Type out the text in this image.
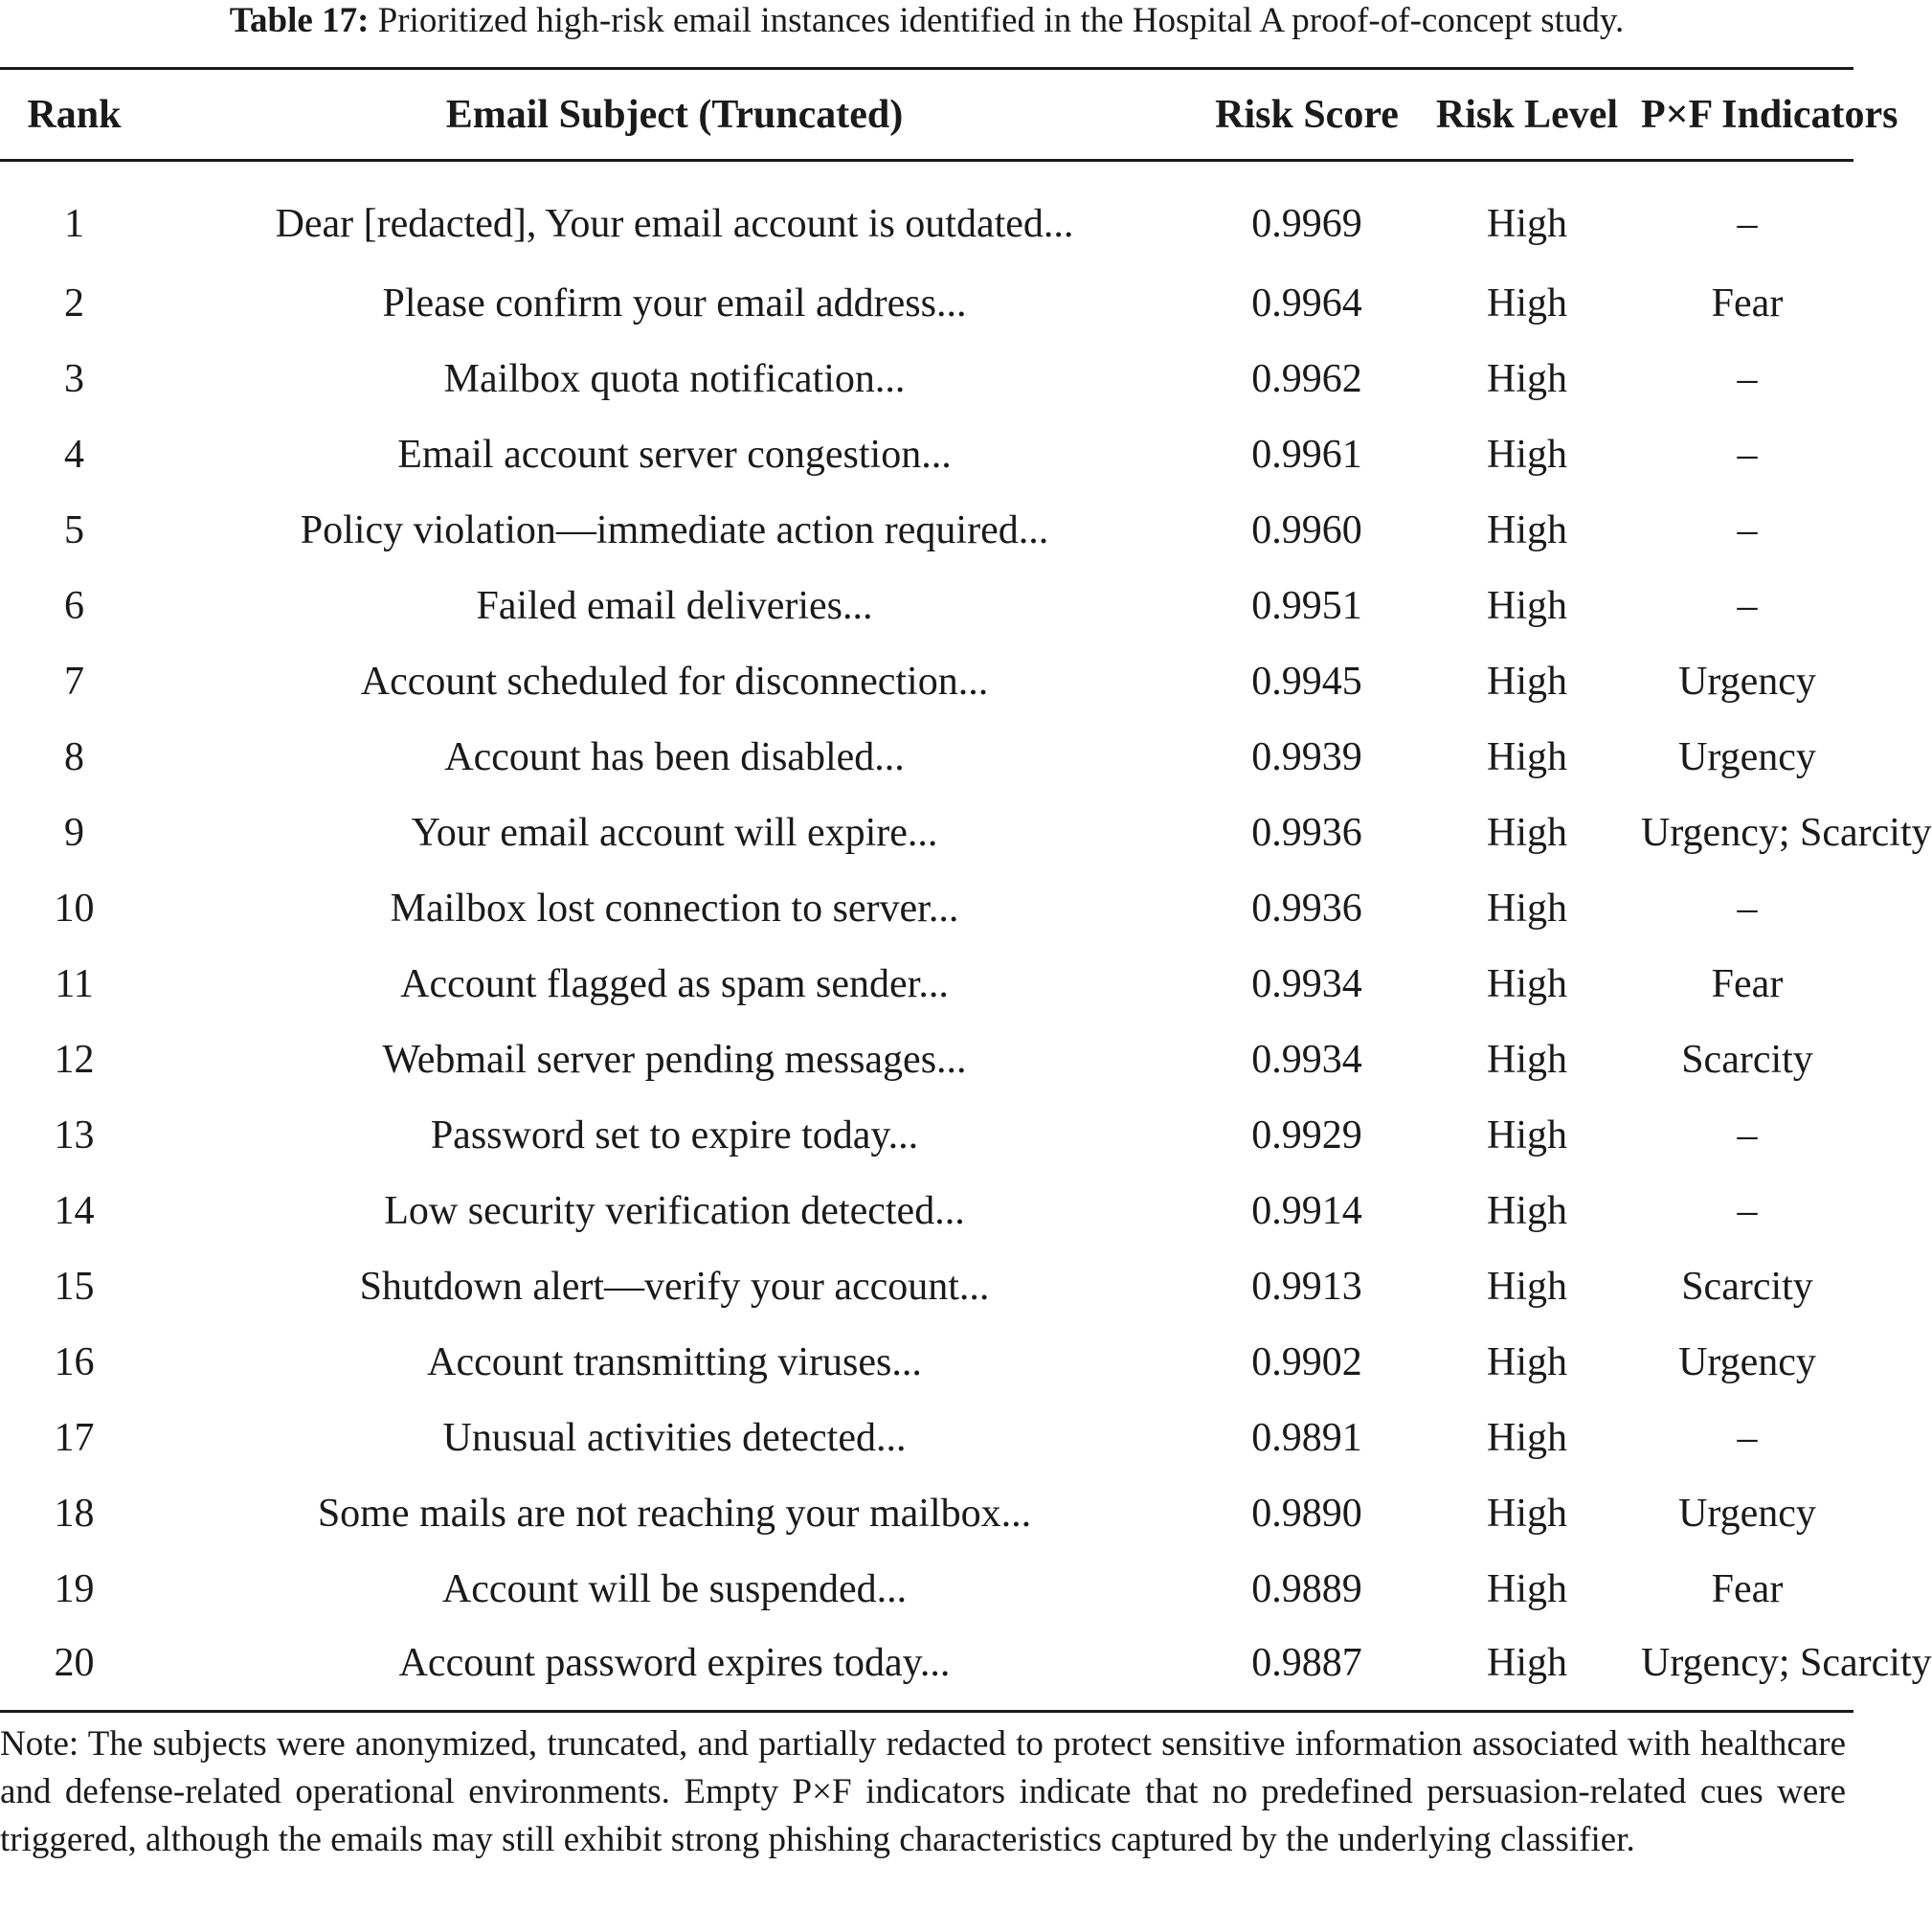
Table 17: Prioritized high-risk email instances identified in the Hospital A proof-of-concept study.
Rank	Email Subject (Truncated)	Risk Score	Risk Level	P×F Indicators
1	Dear [redacted], Your email account is outdated...	0.9969	High	–
2	Please confirm your email address...	0.9964	High	Fear
3	Mailbox quota notification...	0.9962	High	–
4	Email account server congestion...	0.9961	High	–
5	Policy violation—immediate action required...	0.9960	High	–
6	Failed email deliveries...	0.9951	High	–
7	Account scheduled for disconnection...	0.9945	High	Urgency
8	Account has been disabled...	0.9939	High	Urgency
9	Your email account will expire...	0.9936	High	Urgency; Scarcity
10	Mailbox lost connection to server...	0.9936	High	–
11	Account flagged as spam sender...	0.9934	High	Fear
12	Webmail server pending messages...	0.9934	High	Scarcity
13	Password set to expire today...	0.9929	High	–
14	Low security verification detected...	0.9914	High	–
15	Shutdown alert—verify your account...	0.9913	High	Scarcity
16	Account transmitting viruses...	0.9902	High	Urgency
17	Unusual activities detected...	0.9891	High	–
18	Some mails are not reaching your mailbox...	0.9890	High	Urgency
19	Account will be suspended...	0.9889	High	Fear
20	Account password expires today...	0.9887	High	Urgency; Scarcity
Note: The subjects were anonymized, truncated, and partially redacted to protect sensitive information associated with healthcare and defense-related operational environments. Empty P×F indicators indicate that no predefined persuasion-related cues were triggered, although the emails may still exhibit strong phishing characteristics captured by the underlying classifier.
